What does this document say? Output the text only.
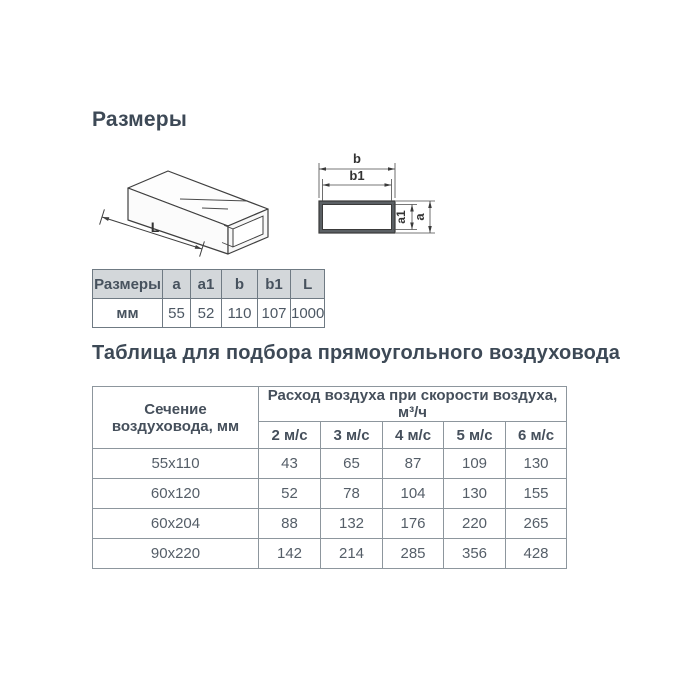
Размеры
L
b
b1
a1 a
Размеры	a	a1	b	b1	L
мм	55	52	110	107	1000
Таблица для подбора прямоугольного воздуховода
Сечение воздуховода, мм	Расход воздуха при скорости воздуха, м³/ч				
	2 м/с	3 м/с	4 м/с	5 м/с	6 м/с
55x110	43	65	87	109	130
60x120	52	78	104	130	155
60x204	88	132	176	220	265
90x220	142	214	285	356	428
